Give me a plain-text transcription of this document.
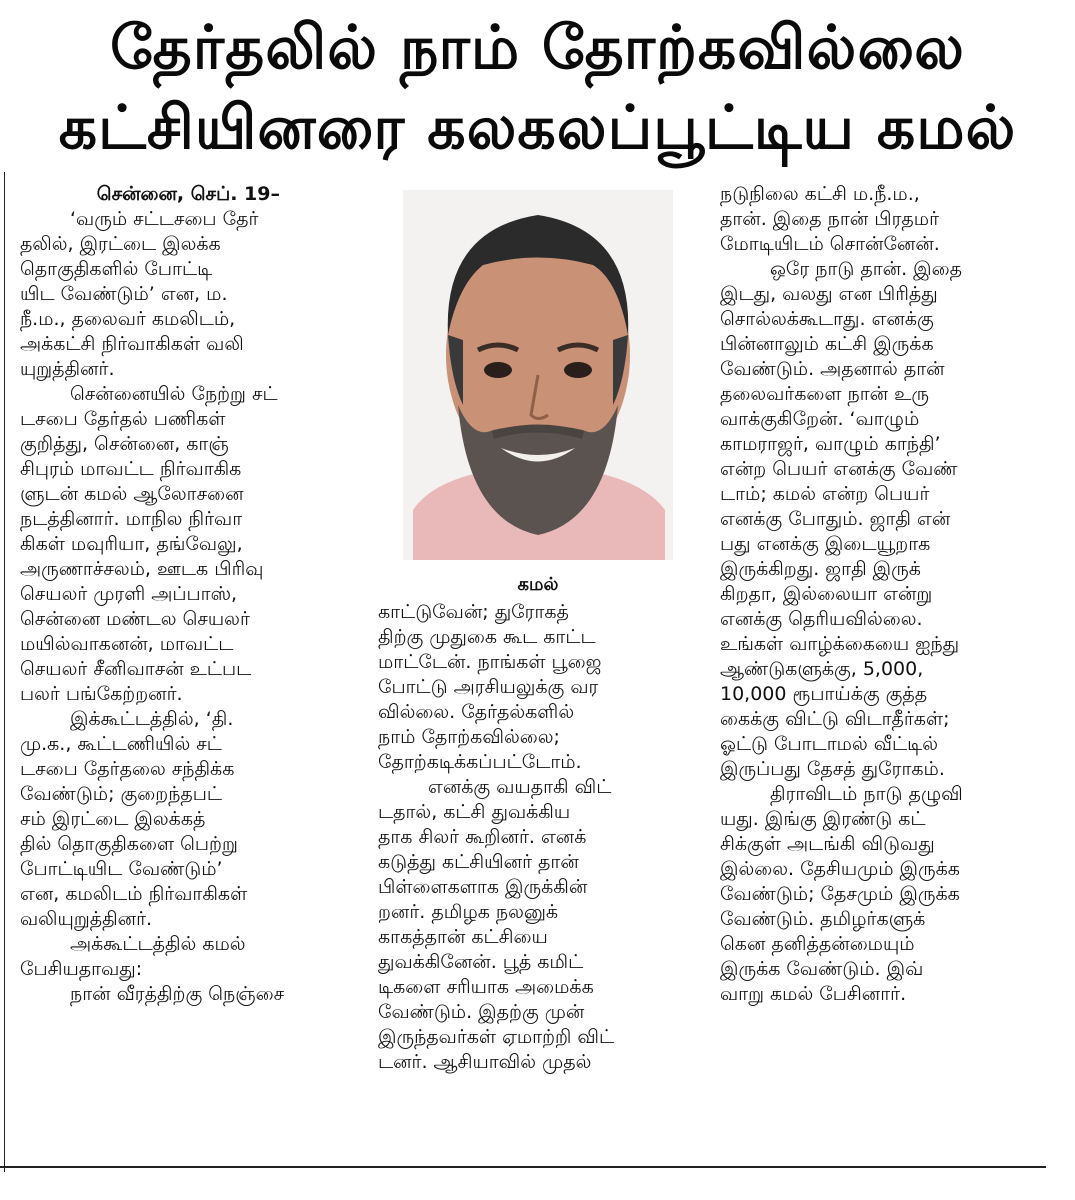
தேர்தலில் நாம் தோற்கவில்லை
கட்சியினரை கலகலப்பூட்டிய கமல்
சென்னை, செப். 19–
‘வரும் சட்டசபை தேர்
தலில், இரட்டை இலக்க
தொகுதிகளில் போட்டி
யிட வேண்டும்’ என, ம.
நீ.ம., தலைவர் கமலிடம்,
அக்கட்சி நிர்வாகிகள் வலி
யுறுத்தினர்.
சென்னையில் நேற்று சட்
டசபை தேர்தல் பணிகள்
குறித்து, சென்னை, காஞ்
சிபுரம் மாவட்ட நிர்வாகிக
ளுடன் கமல் ஆலோசனை
நடத்தினார். மாநில நிர்வா
கிகள் மவுரியா, தங்வேலு,
அருணாச்சலம், ஊடக பிரிவு
செயலர் முரளி அப்பாஸ்,
சென்னை மண்டல செயலர்
மயில்வாகனன், மாவட்ட
செயலர் சீனிவாசன் உட்பட
பலர் பங்கேற்றனர்.
இக்கூட்டத்தில், ‘தி.
மு.க., கூட்டணியில் சட்
டசபை தேர்தலை சந்திக்க
வேண்டும்; குறைந்தபட்
சம் இரட்டை இலக்கத்
தில் தொகுதிகளை பெற்று
போட்டியிட வேண்டும்’
என, கமலிடம் நிர்வாகிகள்
வலியுறுத்தினர்.
அக்கூட்டத்தில் கமல்
பேசியதாவது:
நான் வீரத்திற்கு நெஞ்சை
கமல்
காட்டுவேன்; துரோகத்
திற்கு முதுகை கூட காட்ட
மாட்டேன். நாங்கள் பூஜை
போட்டு அரசியலுக்கு வர
வில்லை. தேர்தல்களில்
நாம் தோற்கவில்லை;
தோற்கடிக்கப்பட்டோம்.
எனக்கு வயதாகி விட்
டதால், கட்சி துவக்கிய
தாக சிலர் கூறினர். எனக்
கடுத்து கட்சியினர் தான்
பிள்ளைகளாக இருக்கின்
றனர். தமிழக நலனுக்
காகத்தான் கட்சியை
துவக்கினேன். பூத் கமிட்
டிகளை சரியாக அமைக்க
வேண்டும். இதற்கு முன்
இருந்தவர்கள் ஏமாற்றி விட்
டனர். ஆசியாவில் முதல்
நடுநிலை கட்சி ம.நீ.ம.,
தான். இதை நான் பிரதமர்
மோடியிடம் சொன்னேன்.
ஒரே நாடு தான். இதை
இடது, வலது என பிரித்து
சொல்லக்கூடாது. எனக்கு
பின்னாலும் கட்சி இருக்க
வேண்டும். அதனால் தான்
தலைவர்களை நான் உரு
வாக்குகிறேன். ‘வாழும்
காமராஜர், வாழும் காந்தி’
என்ற பெயர் எனக்கு வேண்
டாம்; கமல் என்ற பெயர்
எனக்கு போதும். ஜாதி என்
பது எனக்கு இடையூறாக
இருக்கிறது. ஜாதி இருக்
கிறதா, இல்லையா என்று
எனக்கு தெரியவில்லை.
உங்கள் வாழ்க்கையை ஐந்து
ஆண்டுகளுக்கு, 5,000,
10,000 ரூபாய்க்கு குத்த
கைக்கு விட்டு விடாதீர்கள்;
ஓட்டு போடாமல் வீட்டில்
இருப்பது தேசத் துரோகம்.
திராவிடம் நாடு தழுவி
யது. இங்கு இரண்டு கட்
சிக்குள் அடங்கி விடுவது
இல்லை. தேசியமும் இருக்க
வேண்டும்; தேசமும் இருக்க
வேண்டும். தமிழர்களுக்
கென தனித்தன்மையும்
இருக்க வேண்டும். இவ்
வாறு கமல் பேசினார்.
